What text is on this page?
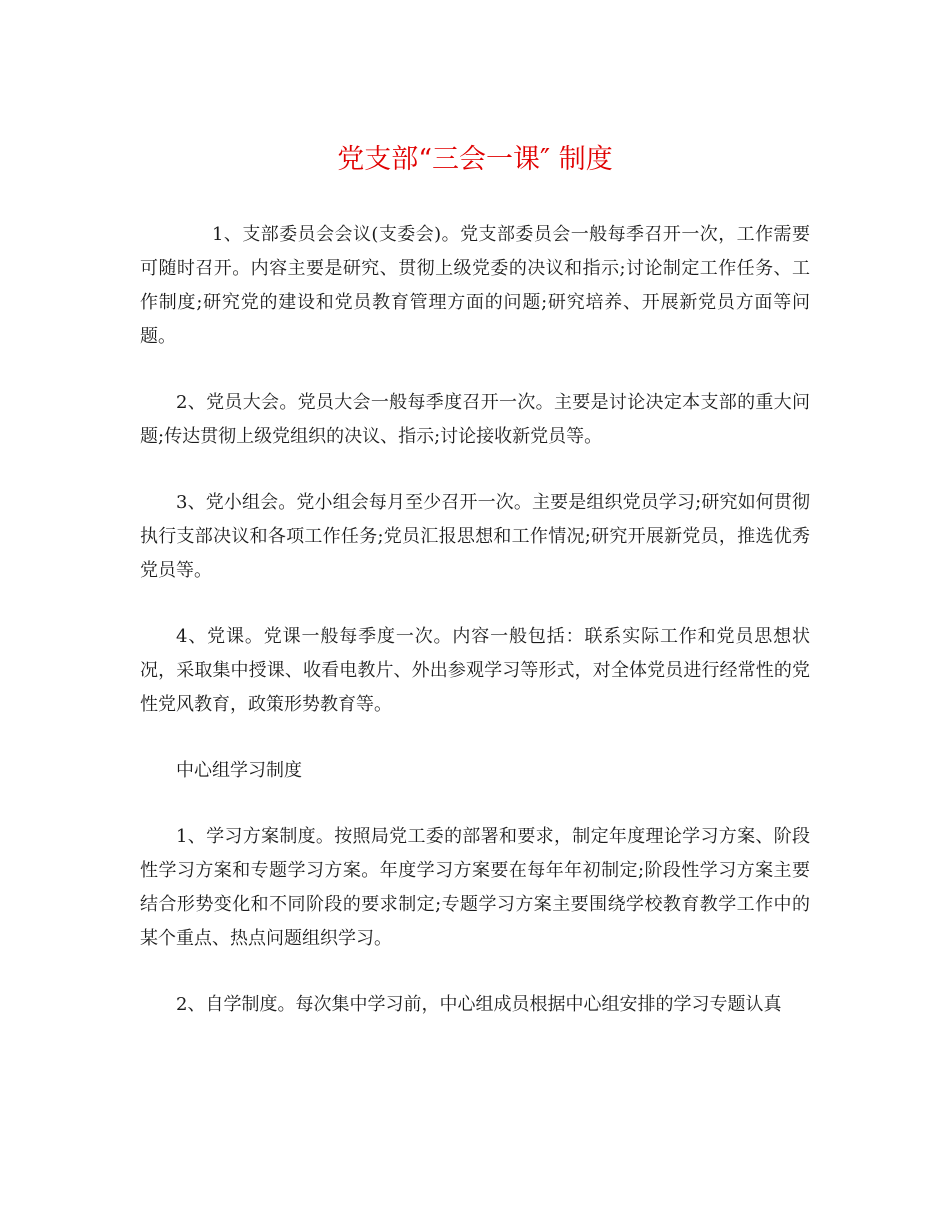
党支部“三会一课″ 制度

1、支部委员会会议(支委会)。党支部委员会一般每季召开一次，工作需要可随时召开。内容主要是研究、贯彻上级党委的决议和指示;讨论制定工作任务、工作制度;研究党的建设和党员教育管理方面的问题;研究培养、开展新党员方面等问题。

2、党员大会。党员大会一般每季度召开一次。主要是讨论决定本支部的重大问题;传达贯彻上级党组织的决议、指示;讨论接收新党员等。

3、党小组会。党小组会每月至少召开一次。主要是组织党员学习;研究如何贯彻执行支部决议和各项工作任务;党员汇报思想和工作情况;研究开展新党员，推选优秀党员等。

4、党课。党课一般每季度一次。内容一般包括：联系实际工作和党员思想状况，采取集中授课、收看电教片、外出参观学习等形式，对全体党员进行经常性的党性党风教育，政策形势教育等。

中心组学习制度

1、学习方案制度。按照局党工委的部署和要求，制定年度理论学习方案、阶段性学习方案和专题学习方案。年度学习方案要在每年年初制定;阶段性学习方案主要结合形势变化和不同阶段的要求制定;专题学习方案主要围绕学校教育教学工作中的某个重点、热点问题组织学习。

2、自学制度。每次集中学习前，中心组成员根据中心组安排的学习专题认真
